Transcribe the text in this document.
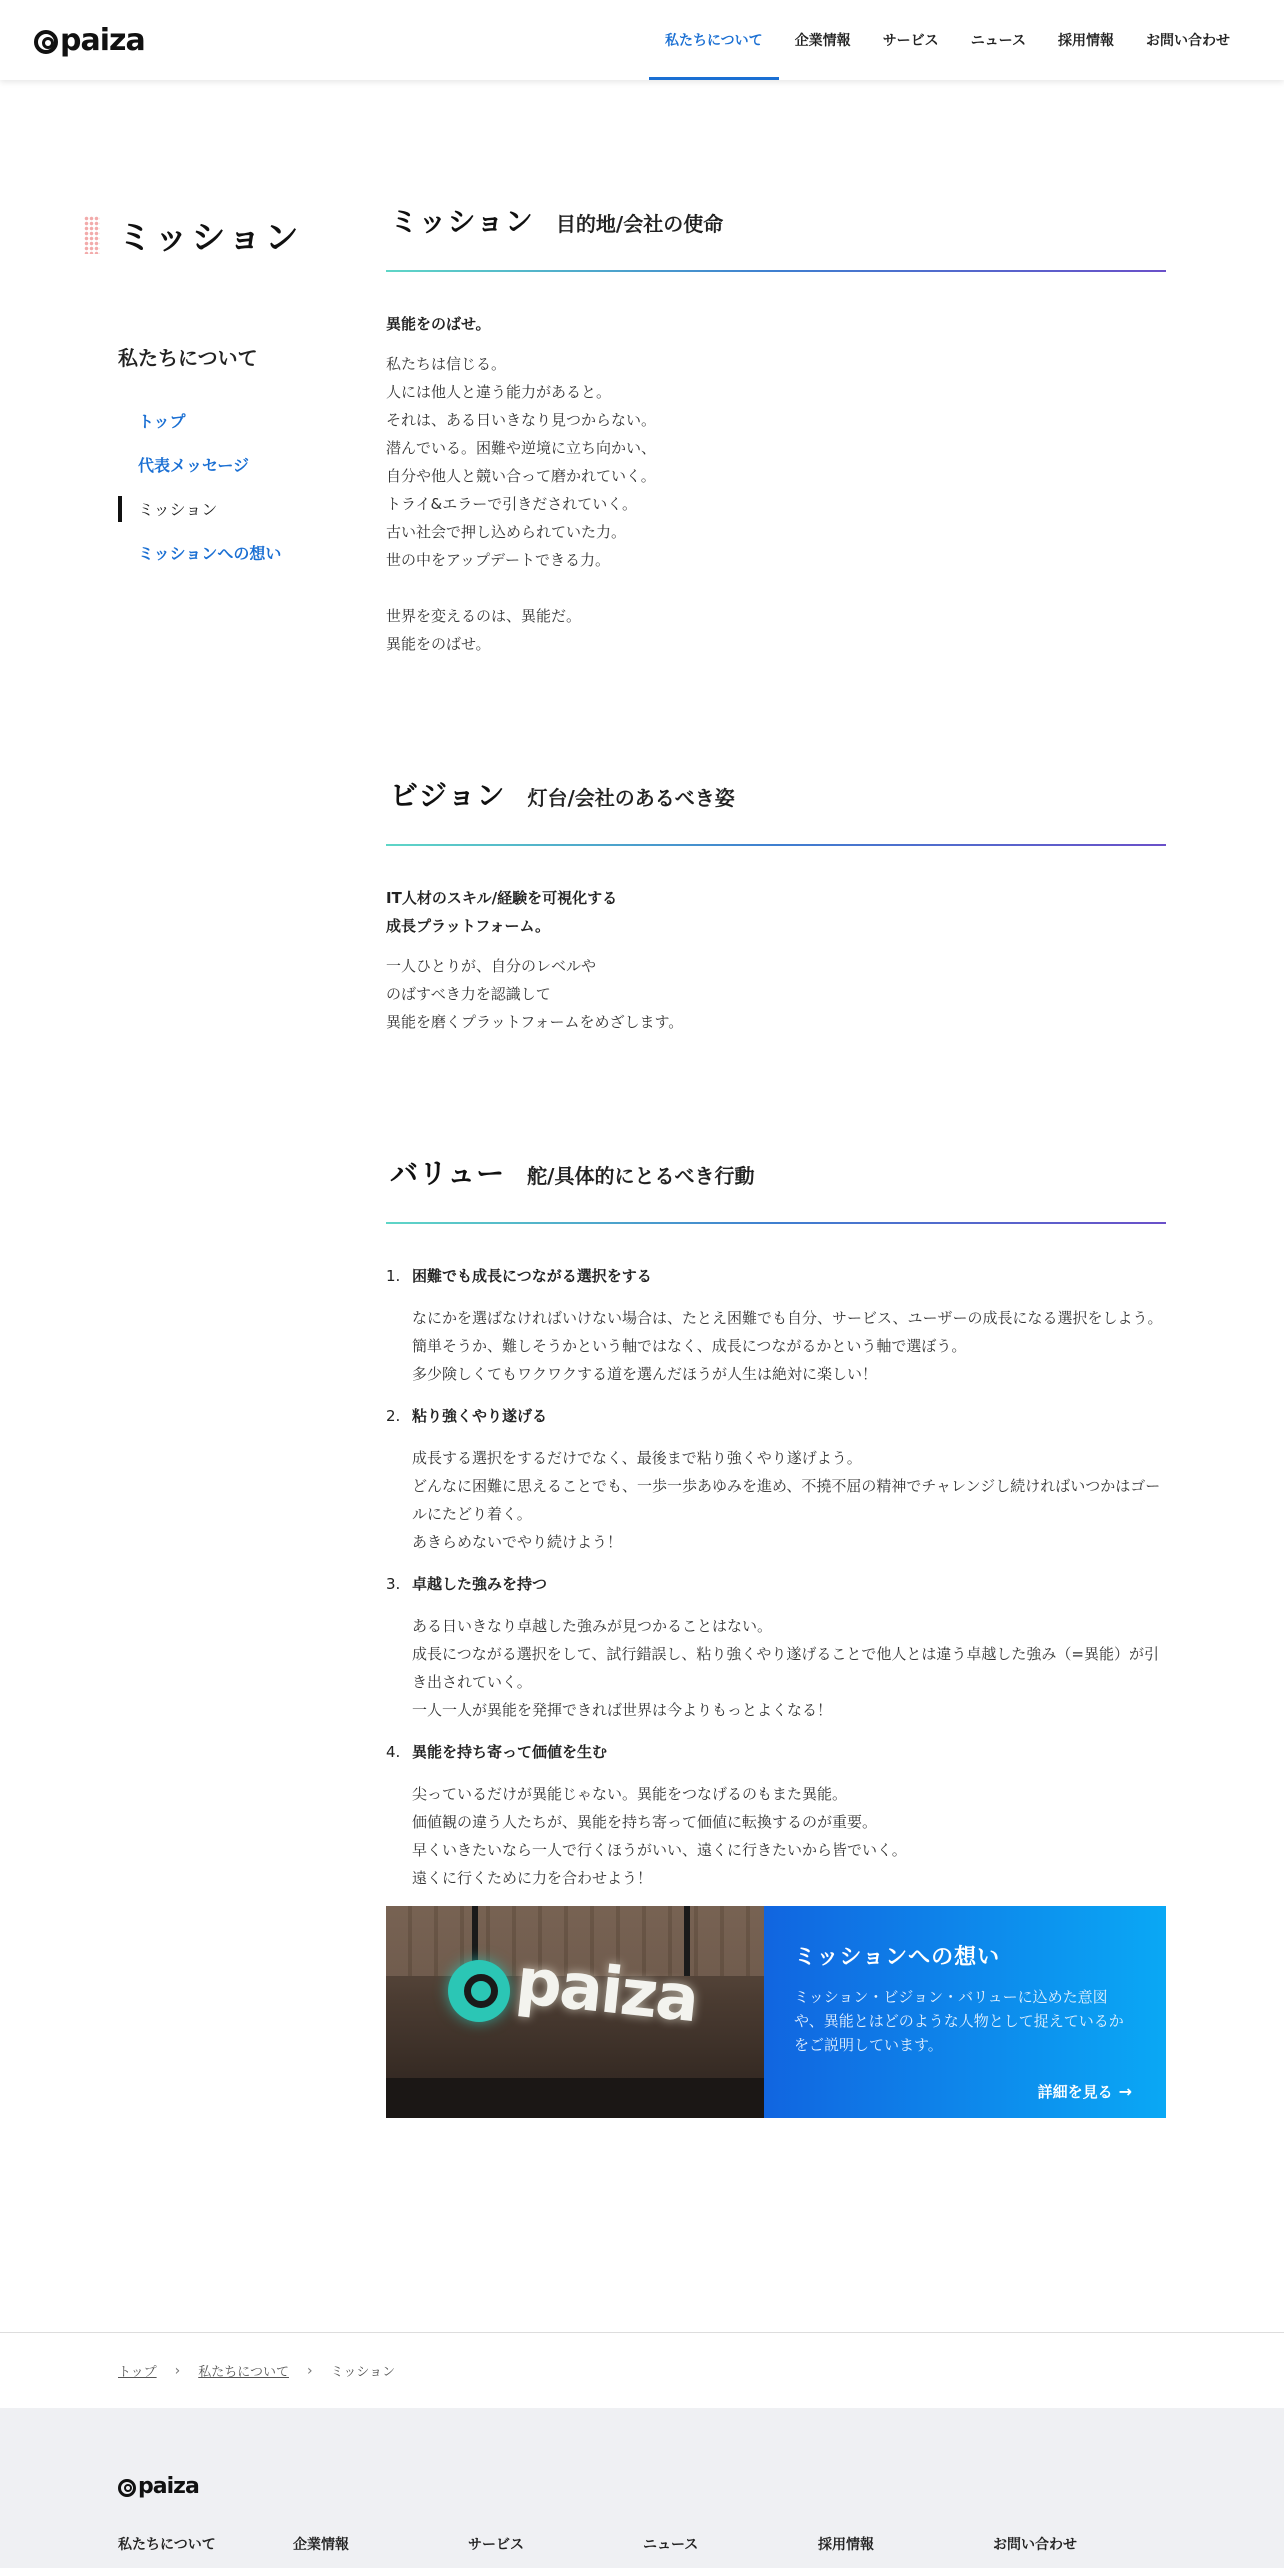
paiza	私たちについて	企業情報	サービス	ニュース	採用情報	お問い合わせ
ミッション
私たちについて
トップ
代表メッセージ
ミッション
ミッションへの想い
ミッション 目的地/会社の使命

異能をのばせ。

私たちは信じる。
人には他人と違う能力があると。
それは、ある日いきなり見つからない。
潜んでいる。困難や逆境に立ち向かい、
自分や他人と競い合って磨かれていく。
トライ&エラーで引きだされていく。
古い社会で押し込められていた力。
世の中をアップデートできる力。
世界を変えるのは、異能だ。
異能をのばせ。
ビジョン 灯台/会社のあるべき姿

IT人材のスキル/経験を可視化する
成長プラットフォーム。

一人ひとりが、自分のレベルや
のばすべき力を認識して
異能を磨くプラットフォームをめざします。
バリュー 舵/具体的にとるべき行動
1. 困難でも成長につながる選択をする
なにかを選ばなければいけない場合は、たとえ困難でも自分、サービス、ユーザーの成長になる選択をしよう。
簡単そうか、難しそうかという軸ではなく、成長につながるかという軸で選ぼう。
多少険しくてもワクワクする道を選んだほうが人生は絶対に楽しい！
2. 粘り強くやり遂げる
成長する選択をするだけでなく、最後まで粘り強くやり遂げよう。
どんなに困難に思えることでも、一歩一歩あゆみを進め、不撓不屈の精神でチャレンジし続ければいつかはゴールにたどり着く。
あきらめないでやり続けよう！
3. 卓越した強みを持つ
ある日いきなり卓越した強みが見つかることはない。
成長につながる選択をして、試行錯誤し、粘り強くやり遂げることで他人とは違う卓越した強み（=異能）が引き出されていく。
一人一人が異能を発揮できれば世界は今よりもっとよくなる！
4. 異能を持ち寄って価値を生む
尖っているだけが異能じゃない。異能をつなげるのもまた異能。
価値観の違う人たちが、異能を持ち寄って価値に転換するのが重要。
早くいきたいなら一人で行くほうがいい、遠くに行きたいから皆でいく。
遠くに行くために力を合わせよう！
paiza	ミッションへの想い

ミッション・ビジョン・バリューに込めた意図や、異能とはどのような人物として捉えているかをご説明しています。

詳細を見る →
トップ › 私たちについて › ミッション
paiza
私たちについて	企業情報	サービス	ニュース	採用情報	お問い合わせ
